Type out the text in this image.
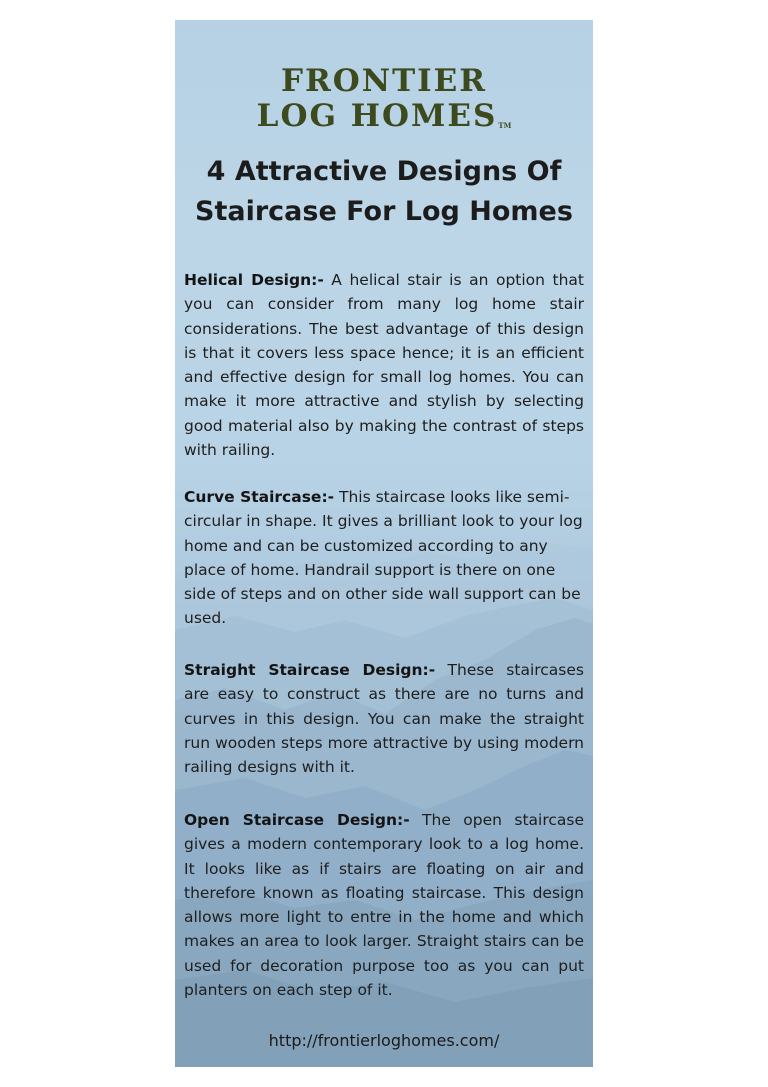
FRONTIER
LOG HOMESTM
4 Attractive Designs Of Staircase For Log Homes

Helical Design:- A helical stair is an option that you can consider from many log home stair considerations. The best advantage of this design is that it covers less space hence; it is an efficient and effective design for small log homes. You can make it more attractive and stylish by selecting good material also by making the contrast of steps with railing.

Curve Staircase:- This staircase looks like semi-circular in shape. It gives a brilliant look to your log home and can be customized according to any place of home. Handrail support is there on one side of steps and on other side wall support can be used.

Straight Staircase Design:- These staircases are easy to construct as there are no turns and curves in this design. You can make the straight run wooden steps more attractive by using modern railing designs with it.

Open Staircase Design:- The open staircase gives a modern contemporary look to a log home. It looks like as if stairs are floating on air and therefore known as floating staircase. This design allows more light to entre in the home and which makes an area to look larger. Straight stairs can be used for decoration purpose too as you can put planters on each step of it.

http://frontierloghomes.com/
